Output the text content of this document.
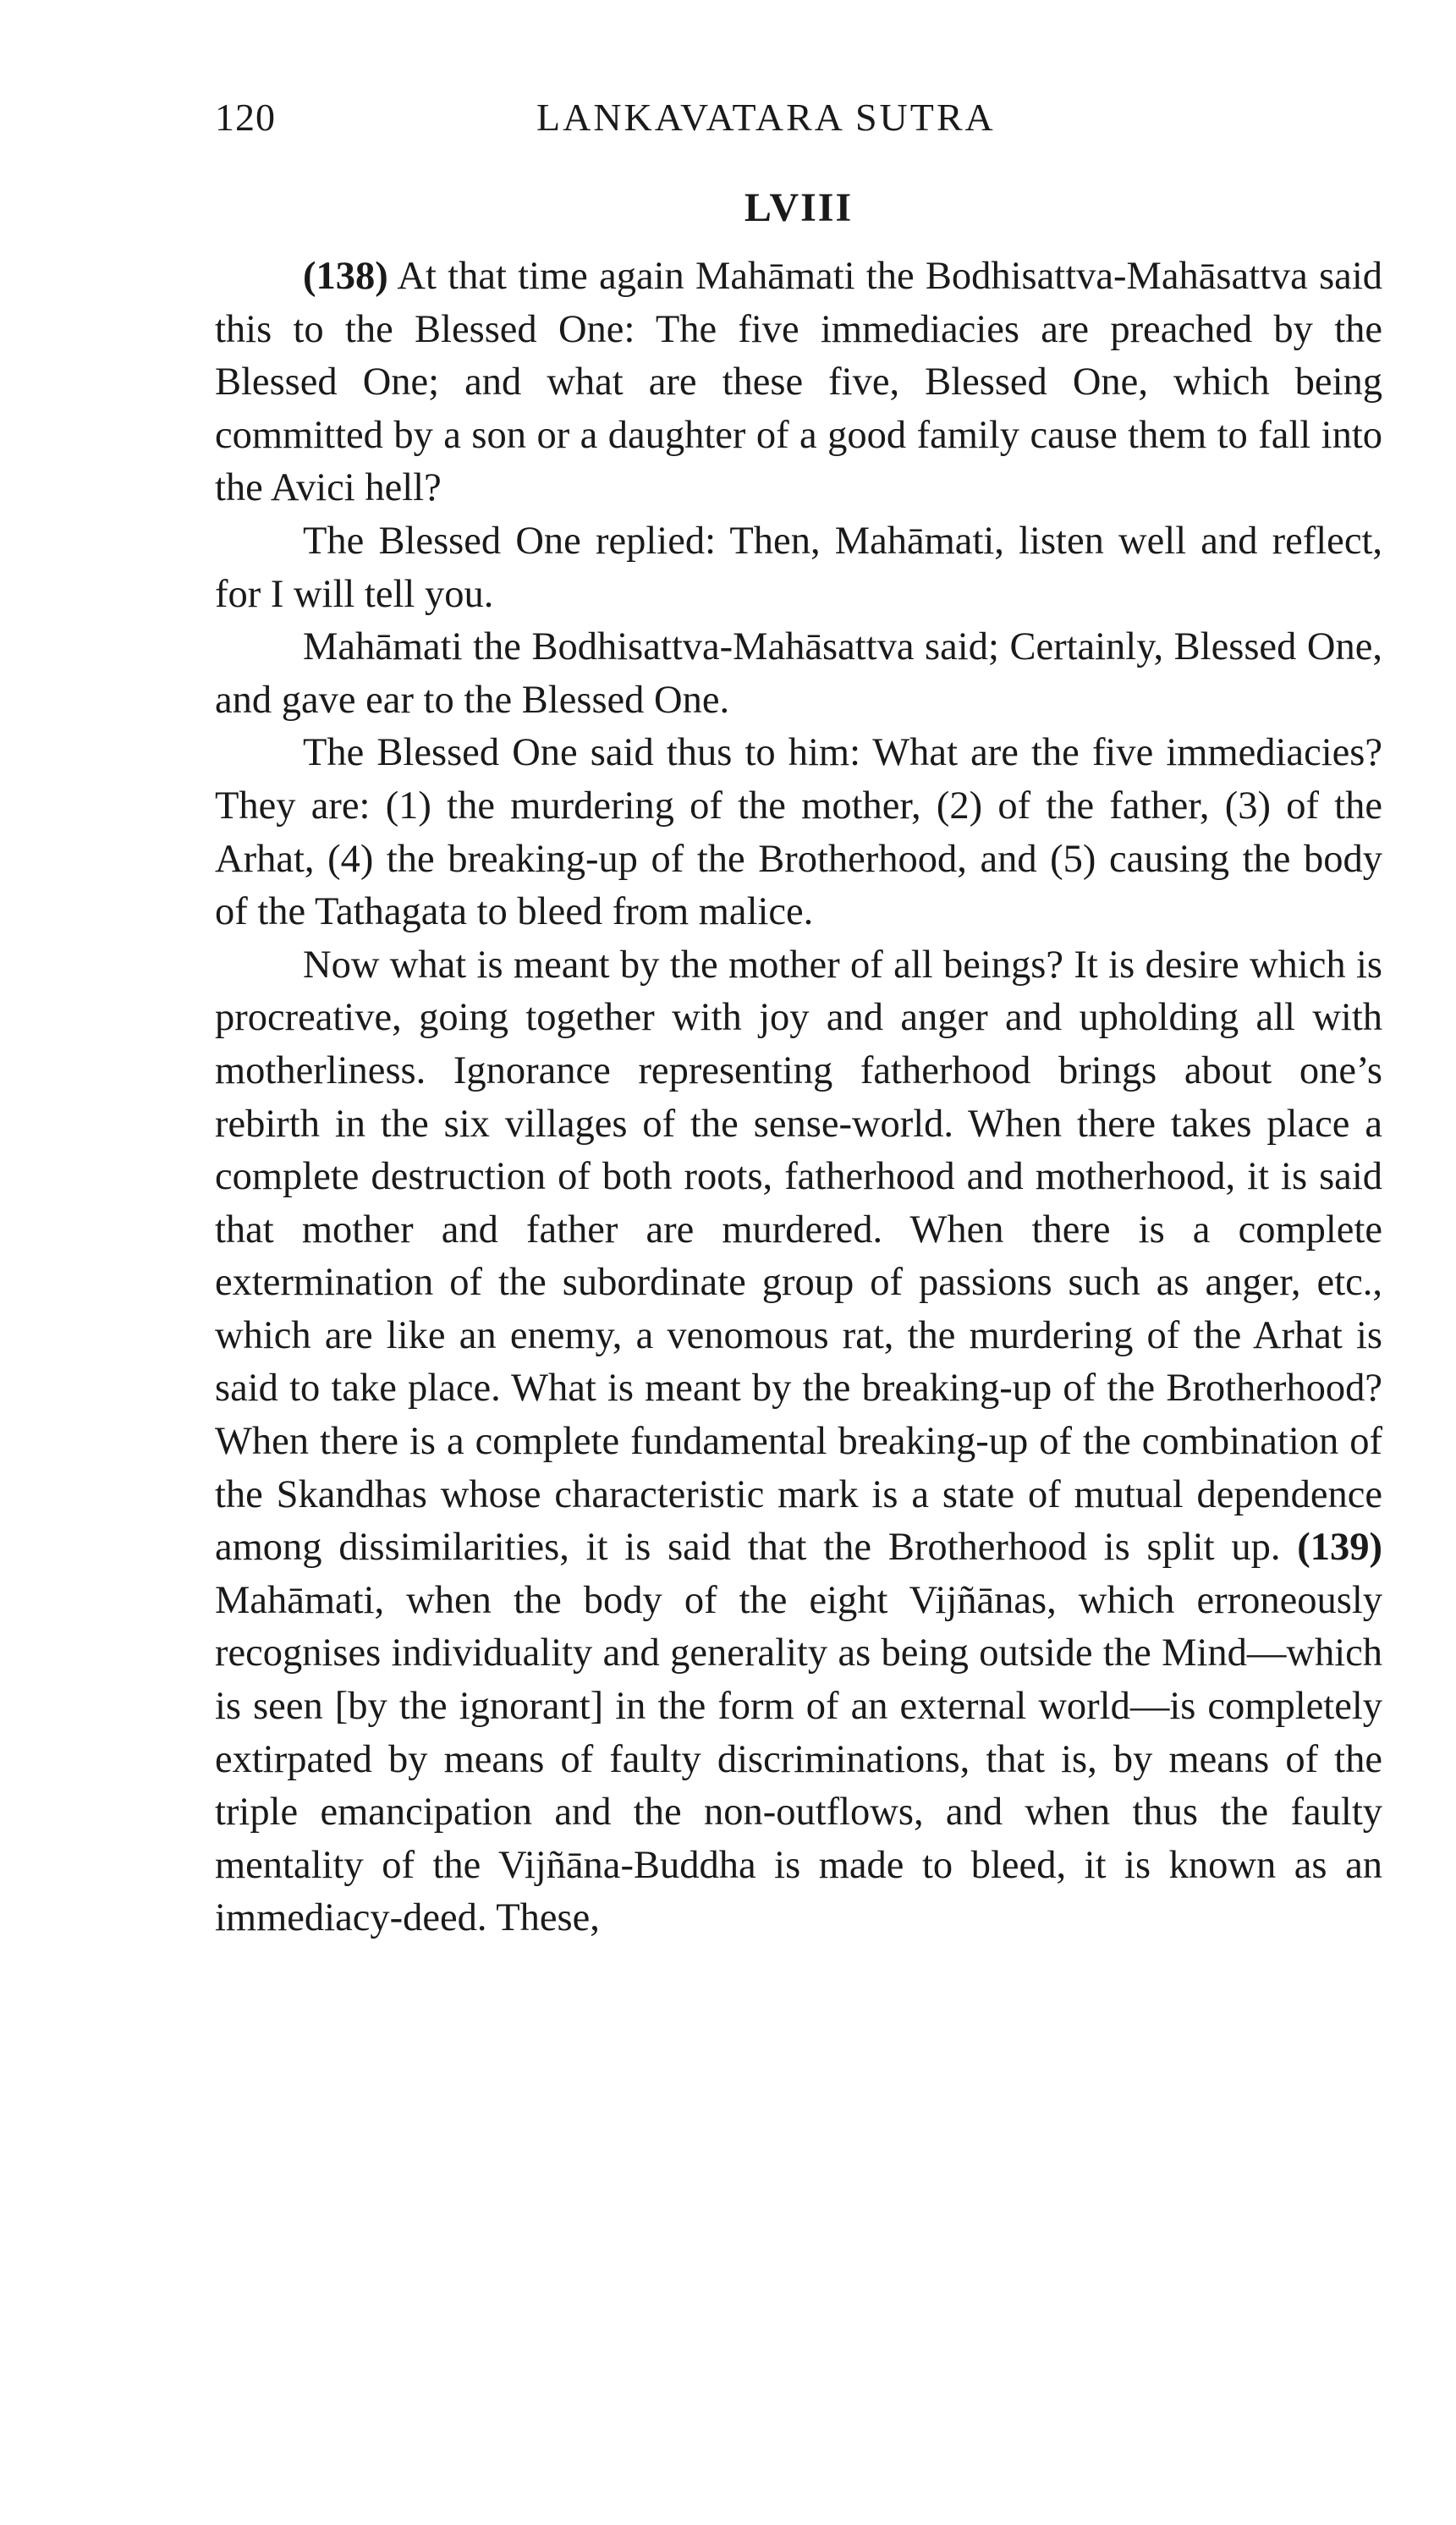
120	LANKAVATARA SUTRA
LVIII

(138) At that time again Mahāmati the Bodhisattva-Mahāsattva said this to the Blessed One: The five immediacies are preached by the Blessed One; and what are these five, Blessed One, which being committed by a son or a daughter of a good family cause them to fall into the Avici hell?

The Blessed One replied: Then, Mahāmati, listen well and reflect, for I will tell you.

Mahāmati the Bodhisattva-Mahāsattva said; Certainly, Blessed One, and gave ear to the Blessed One.

The Blessed One said thus to him: What are the five immediacies? They are: (1) the murdering of the mother, (2) of the father, (3) of the Arhat, (4) the breaking-up of the Brotherhood, and (5) causing the body of the Tathagata to bleed from malice.

Now what is meant by the mother of all beings? It is desire which is procreative, going together with joy and anger and upholding all with motherliness. Ignorance representing fatherhood brings about one’s rebirth in the six villages of the sense-world. When there takes place a complete destruction of both roots, fatherhood and motherhood, it is said that mother and father are murdered. When there is a complete extermination of the subordinate group of passions such as anger, etc., which are like an enemy, a venomous rat, the murdering of the Arhat is said to take place. What is meant by the breaking-up of the Brotherhood? When there is a complete fundamental breaking-up of the combination of the Skandhas whose characteristic mark is a state of mutual dependence among dissimilarities, it is said that the Brotherhood is split up. (139) Mahāmati, when the body of the eight Vijñānas, which erroneously recognises individuality and generality as being outside the Mind—which is seen [by the ignorant] in the form of an external world—is completely extirpated by means of faulty discriminations, that is, by means of the triple emancipation and the non-outflows, and when thus the faulty mentality of the Vijñāna-Buddha is made to bleed, it is known as an immediacy-deed. These,
